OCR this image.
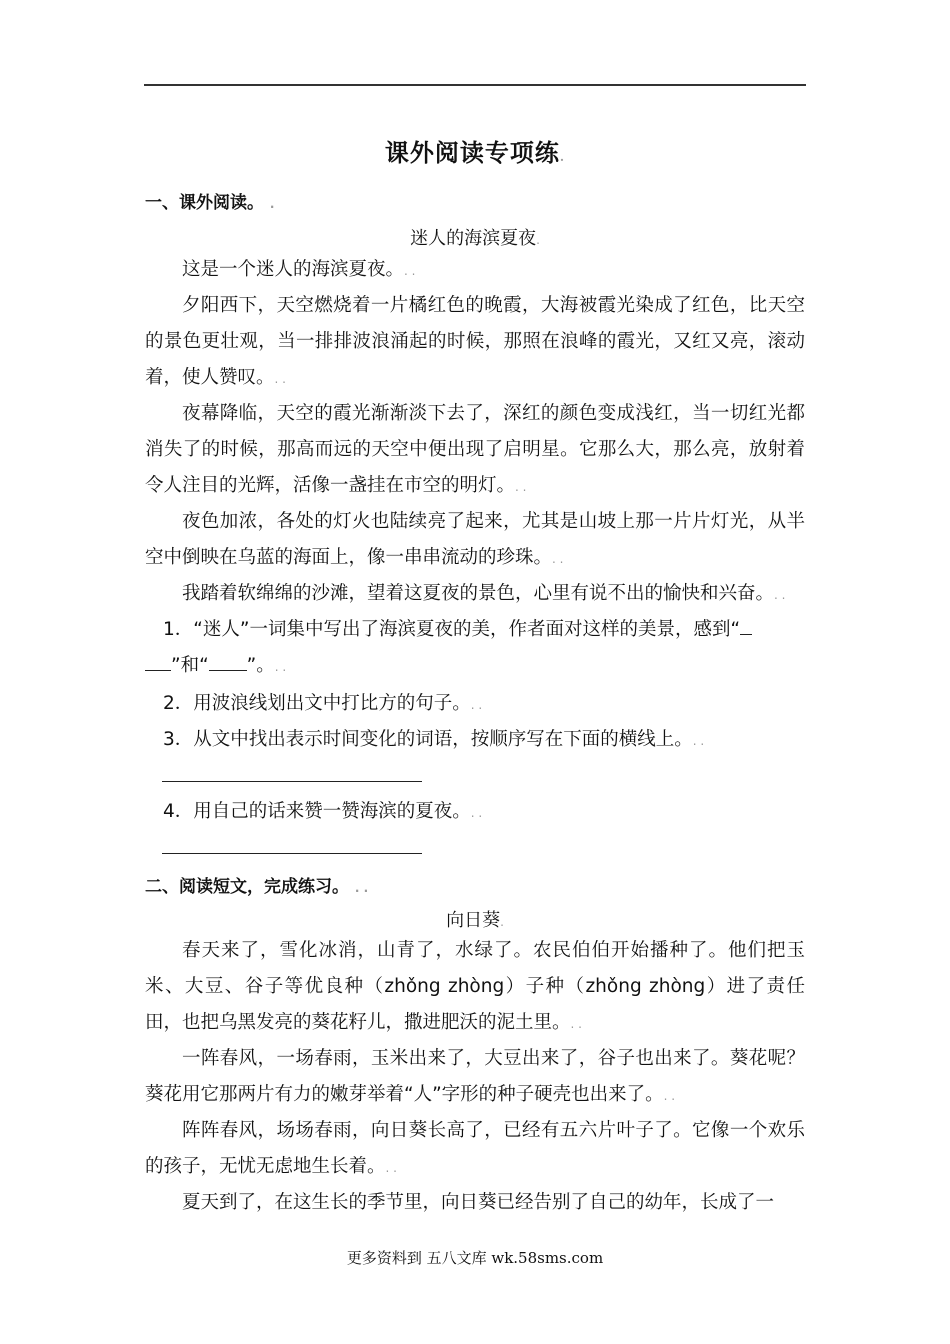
课外阅读专项练.
一、课外阅读。 .
迷人的海滨夏夜.

这是一个迷人的海滨夏夜。. .

夕阳西下，天空燃烧着一片橘红色的晚霞，大海被霞光染成了红色，比天空的景色更壮观，当一排排波浪涌起的时候，那照在浪峰的霞光，又红又亮，滚动着，使人赞叹。. .

夜幕降临，天空的霞光渐渐淡下去了，深红的颜色变成浅红，当一切红光都消失了的时候，那高而远的天空中便出现了启明星。它那么大，那么亮，放射着令人注目的光辉，活像一盏挂在市空的明灯。. .

夜色加浓，各处的灯火也陆续亮了起来，尤其是山坡上那一片片灯光，从半空中倒映在乌蓝的海面上，像一串串流动的珍珠。. .

我踏着软绵绵的沙滩，望着这夏夜的景色，心里有说不出的愉快和兴奋。. .

1．“迷人”一词集中写出了海滨夏夜的美，作者面对这样的美景，感到“
”和“ ”。. .

2．用波浪线划出文中打比方的句子。. .

3．从文中找出表示时间变化的词语，按顺序写在下面的横线上。. .

4．用自己的话来赞一赞海滨的夏夜。. .

二、阅读短文，完成练习。 . .
向日葵.

春天来了，雪化冰消，山青了，水绿了。农民伯伯开始播种了。他们把玉米、大豆、谷子等优良种（zhǒng zhòng）子种（zhǒng zhòng）进了责任田，也把乌黑发亮的葵花籽儿，撒进肥沃的泥土里。. .

一阵春风，一场春雨，玉米出来了，大豆出来了，谷子也出来了。葵花呢？葵花用它那两片有力的嫩芽举着“人”字形的种子硬壳也出来了。. .

阵阵春风，场场春雨，向日葵长高了，已经有五六片叶子了。它像一个欢乐的孩子，无忧无虑地生长着。. .

夏天到了，在这生长的季节里，向日葵已经告别了自己的幼年，长成了一

更多资料到 五八文库 wk.58sms.com
